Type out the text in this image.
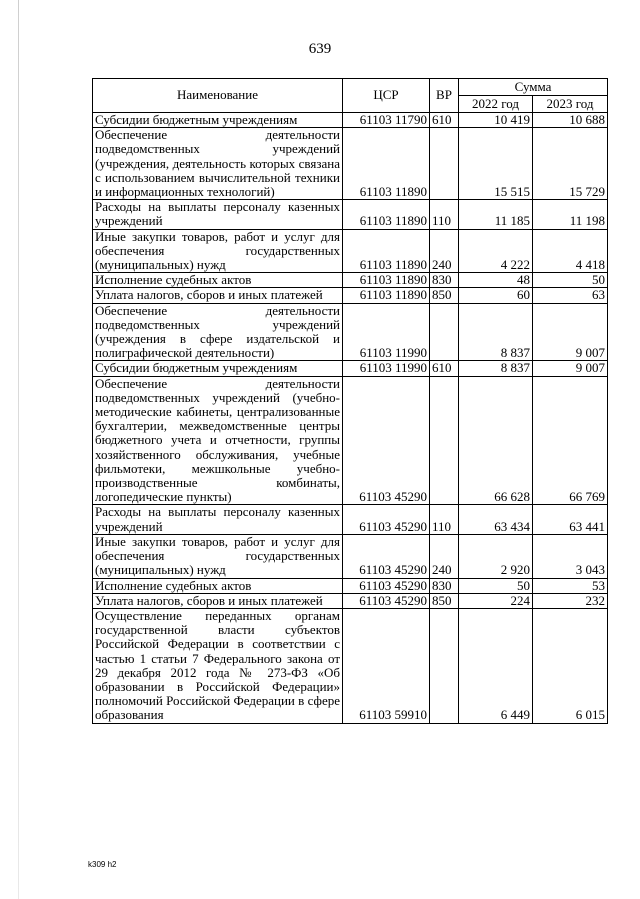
639
Наименование	ЦСР	ВР	Сумма	
			2022 год	2023 год
Субсидии бюджетным учреждениям	61103 11790	610	10 419	10 688
Обеспечение деятельности подведомственных учреждений (учреждения, деятельность которых связана с использованием вычислительной техники и информационных технологий)	61103 11890		15 515	15 729
Расходы на выплаты персоналу казенных учреждений	61103 11890	110	11 185	11 198
Иные закупки товаров, работ и услуг для обеспечения государственных (муниципальных) нужд	61103 11890	240	4 222	4 418
Исполнение судебных актов	61103 11890	830	48	50
Уплата налогов, сборов и иных платежей	61103 11890	850	60	63
Обеспечение деятельности подведомственных учреждений (учреждения в сфере издательской и полиграфической деятельности)	61103 11990		8 837	9 007
Субсидии бюджетным учреждениям	61103 11990	610	8 837	9 007
Обеспечение деятельности подведомственных учреждений (учебно-методические кабинеты, централизованные бухгалтерии, межведомственные центры бюджетного учета и отчетности, группы хозяйственного обслуживания, учебные фильмотеки, межшкольные учебно-производственные комбинаты, логопедические пункты)	61103 45290		66 628	66 769
Расходы на выплаты персоналу казенных учреждений	61103 45290	110	63 434	63 441
Иные закупки товаров, работ и услуг для обеспечения государственных (муниципальных) нужд	61103 45290	240	2 920	3 043
Исполнение судебных актов	61103 45290	830	50	53
Уплата налогов, сборов и иных платежей	61103 45290	850	224	232
Осуществление переданных органам государственной власти субъектов Российской Федерации в соответствии с частью 1 статьи 7 Федерального закона от 29 декабря 2012 года № 273-ФЗ «Об образовании в Российской Федерации» полномочий Российской Федерации в сфере образования	61103 59910		6 449	6 015
k309 h2
